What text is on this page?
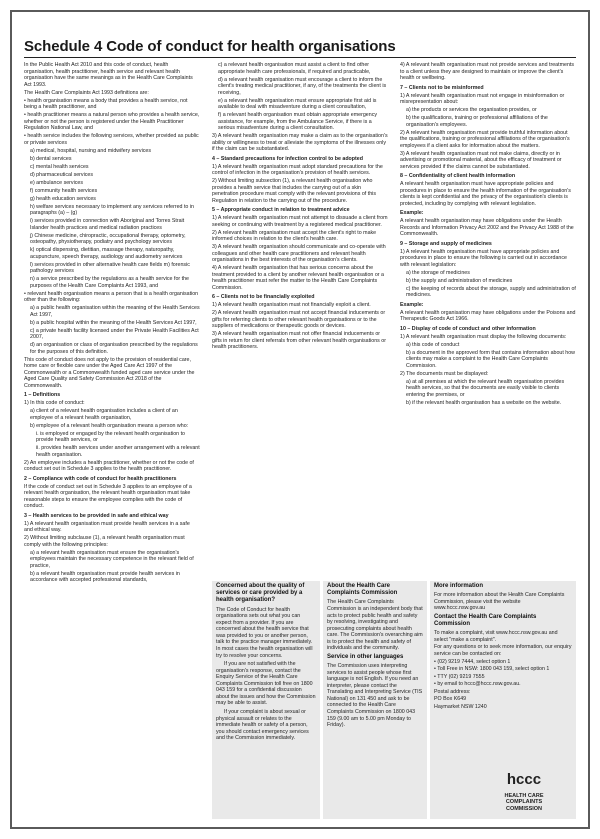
Schedule 4 Code of conduct for health organisations

In the Public Health Act 2010 and this code of conduct, health organisation, health practitioner, health service and relevant health organisation have the same meanings as in the Health Care Complaints Act 1993.

The Health Care Complaints Act 1993 definitions are:

• health organisation means a body that provides a health service, not being a health practitioner, and

• health practitioner means a natural person who provides a health service, whether or not the person is registered under the Health Practitioner Regulation National Law, and

• health service includes the following services, whether provided as public or private services

a) medical, hospital, nursing and midwifery services

b) dental services

c) mental health services

d) pharmaceutical services

e) ambulance services

f) community health services

g) health education services

h) welfare services necessary to implement any services referred to in paragraphs (a) – (g)

i) services provided in connection with Aboriginal and Torres Strait Islander health practices and medical radiation practices

j) Chinese medicine, chiropractic, occupational therapy, optometry, osteopathy, physiotherapy, podiatry and psychology services

k) optical dispensing, dietitian, massage therapy, naturopathy, acupuncture, speech therapy, audiology and audiometry services

l) services provided in other alternative health care fields m) forensic pathology services

n) a service prescribed by the regulations as a health service for the purposes of the Health Care Complaints Act 1993, and

• relevant health organisation means a person that is a health organisation other than the following:

a) a public health organisation within the meaning of the Health Services Act 1997,

b) a public hospital within the meaning of the Health Services Act 1997,

c) a private health facility licensed under the Private Health Facilities Act 2007,

d) an organisation or class of organisation prescribed by the regulations for the purposes of this definition.

This code of conduct does not apply to the provision of residential care, home care or flexible care under the Aged Care Act 1997 of the Commonwealth or a Commonwealth funded aged care service under the Aged Care Quality and Safety Commission Act 2018 of the Commonwealth.

1 – Definitions

1) In this code of conduct:

a) client of a relevant health organisation includes a client of an employee of a relevant health organisation,

b) employee of a relevant health organisation means a person who:

i. is employed or engaged by the relevant health organisation to provide health services, or

ii. provides health services under another arrangement with a relevant health organisation.

2) An employee includes a health practitioner, whether or not the code of conduct set out in Schedule 3 applies to the health practitioner.

2 – Compliance with code of conduct for health practitioners

If the code of conduct set out in Schedule 3 applies to an employee of a relevant health organisation, the relevant health organisation must take reasonable steps to ensure the employee complies with the code of conduct.

3 – Health services to be provided in safe and ethical way

1) A relevant health organisation must provide health services in a safe and ethical way.

2) Without limiting subclause (1), a relevant health organisation must comply with the following principles:

a) a relevant health organisation must ensure the organisation's employees maintain the necessary competence in the relevant field of practice,

b) a relevant health organisation must provide health services in accordance with accepted professional standards,

c) a relevant health organisation must assist a client to find other appropriate health care professionals, if required and practicable,

d) a relevant health organisation must encourage a client to inform the client's treating medical practitioner, if any, of the treatments the client is receiving,

e) a relevant health organisation must ensure appropriate first aid is available to deal with misadventure during a client consultation,

f) a relevant health organisation must obtain appropriate emergency assistance, for example, from the Ambulance Service, if there is a serious misadventure during a client consultation.

3) A relevant health organisation may make a claim as to the organisation's ability or willingness to treat or alleviate the symptoms of the illnesses only if the claim can be substantiated.

4 – Standard precautions for infection control to be adopted

1) A relevant health organisation must adopt standard precautions for the control of infection in the organisation's provision of health services.

2) Without limiting subsection (1), a relevant health organisation who provides a health service that includes the carrying out of a skin penetration procedure must comply with the relevant provisions of this Regulation in relation to the carrying out of the procedure.

5 – Appropriate conduct in relation to treatment advice

1) A relevant health organisation must not attempt to dissuade a client from seeking or continuing with treatment by a registered medical practitioner.

2) A relevant health organisation must accept the client's right to make informed choices in relation to the client's health care.

3) A relevant health organisation should communicate and co-operate with colleagues and other health care practitioners and relevant health organisations in the best interests of the organisation's clients.

4) A relevant health organisation that has serious concerns about the treatment provided to a client by another relevant health organisation or a health practitioner must refer the matter to the Health Care Complaints Commission.

6 – Clients not to be financially exploited

1) A relevant health organisation must not financially exploit a client.

2) A relevant health organisation must not accept financial inducements or gifts for referring clients to other relevant health organisations or to the suppliers of medications or therapeutic goods or devices.

3) A relevant health organisation must not offer financial inducements or gifts in return for client referrals from other relevant health organisations or health practitioners.

4) A relevant health organisation must not provide services and treatments to a client unless they are designed to maintain or improve the client's health or wellbeing.

7 – Clients not to be misinformed

1) A relevant health organisation must not engage in misinformation or misrepresentation about:

a) the products or services the organisation provides, or

b) the qualifications, training or professional affiliations of the organisation's employees.

2) A relevant health organisation must provide truthful information about the qualifications, training or professional affiliations of the organisation's employees if a client asks for information about the matters.

3) A relevant health organisation must not make claims, directly or in advertising or promotional material, about the efficacy of treatment or services provided if the claims cannot be substantiated.

8 – Confidentiality of client health information

A relevant health organisation must have appropriate policies and procedures in place to ensure the health information of the organisation's clients is kept confidential and the privacy of the organisation's clients is protected, including by complying with relevant legislation.

Example:

A relevant health organisation may have obligations under the Health Records and Information Privacy Act 2002 and the Privacy Act 1988 of the Commonwealth.

9 – Storage and supply of medicines

1) A relevant health organisation must have appropriate policies and procedures in place to ensure the following is carried out in accordance with relevant legislation:

a) the storage of medicines

b) the supply and administration of medicines

c) the keeping of records about the storage, supply and administration of medicines.

Example:

A relevant health organisation may have obligations under the Poisons and Therapeutic Goods Act 1966.

10 – Display of code of conduct and other information

1) A relevant health organisation must display the following documents:

a) this code of conduct

b) a document in the approved form that contains information about how clients may make a complaint to the Health Care Complaints Commission.

2) The documents must be displayed:

a) at all premises at which the relevant health organisation provides health services, so that the documents are easily visible to clients entering the premises, or

b) if the relevant health organisation has a website on the website.

Concerned about the quality of services or care provided by a health organisation?

The Code of Conduct for health organisations sets out what you can expect from a provider. If you are concerned about the health service that was provided to you or another person, talk to the practice manager immediately. In most cases the health organisation will try to resolve your concerns.

If you are not satisfied with the organisation's response, contact the Enquiry Service of the Health Care Complaints Commission toll free on 1800 043 159 for a confidential discussion about the issues and how the Commission may be able to assist.

If your complaint is about sexual or physical assault or relates to the immediate health or safety of a person, you should contact emergency services and the Commission immediately.

About the Health Care Complaints Commission

The Health Care Complaints Commission is an independent body that acts to protect public health and safety by resolving, investigating and prosecuting complaints about health care. The Commission's overarching aim is to protect the health and safety of individuals and the community.

Service in other languages

The Commission uses interpreting services to assist people whose first language is not English. If you need an interpreter, please contact the Translating and Interpreting Service (TIS National) on 131 450 and ask to be connected to the Health Care Complaints Commission on 1800 043 159 (9.00 am to 5.00 pm Monday to Friday).

More information

For more information about the Health Care Complaints Commission, please visit the website www.hccc.nsw.gov.au

Contact the Health Care Complaints Commission

To make a complaint, visit www.hccc.nsw.gov.au and select "make a complaint".

For any questions or to seek more information, our enquiry service can be contacted on:

• (02) 9219 7444, select option 1

• Toll Free in NSW: 1800 043 159, select option 1

• TTY (02) 9219 7555

• by email to hccc@hccc.nsw.gov.au.

Postal address:

PO Box K649

Haymarket NSW 1240

hccc
HEALTH CARE
COMPLAINTS
COMMISSION
